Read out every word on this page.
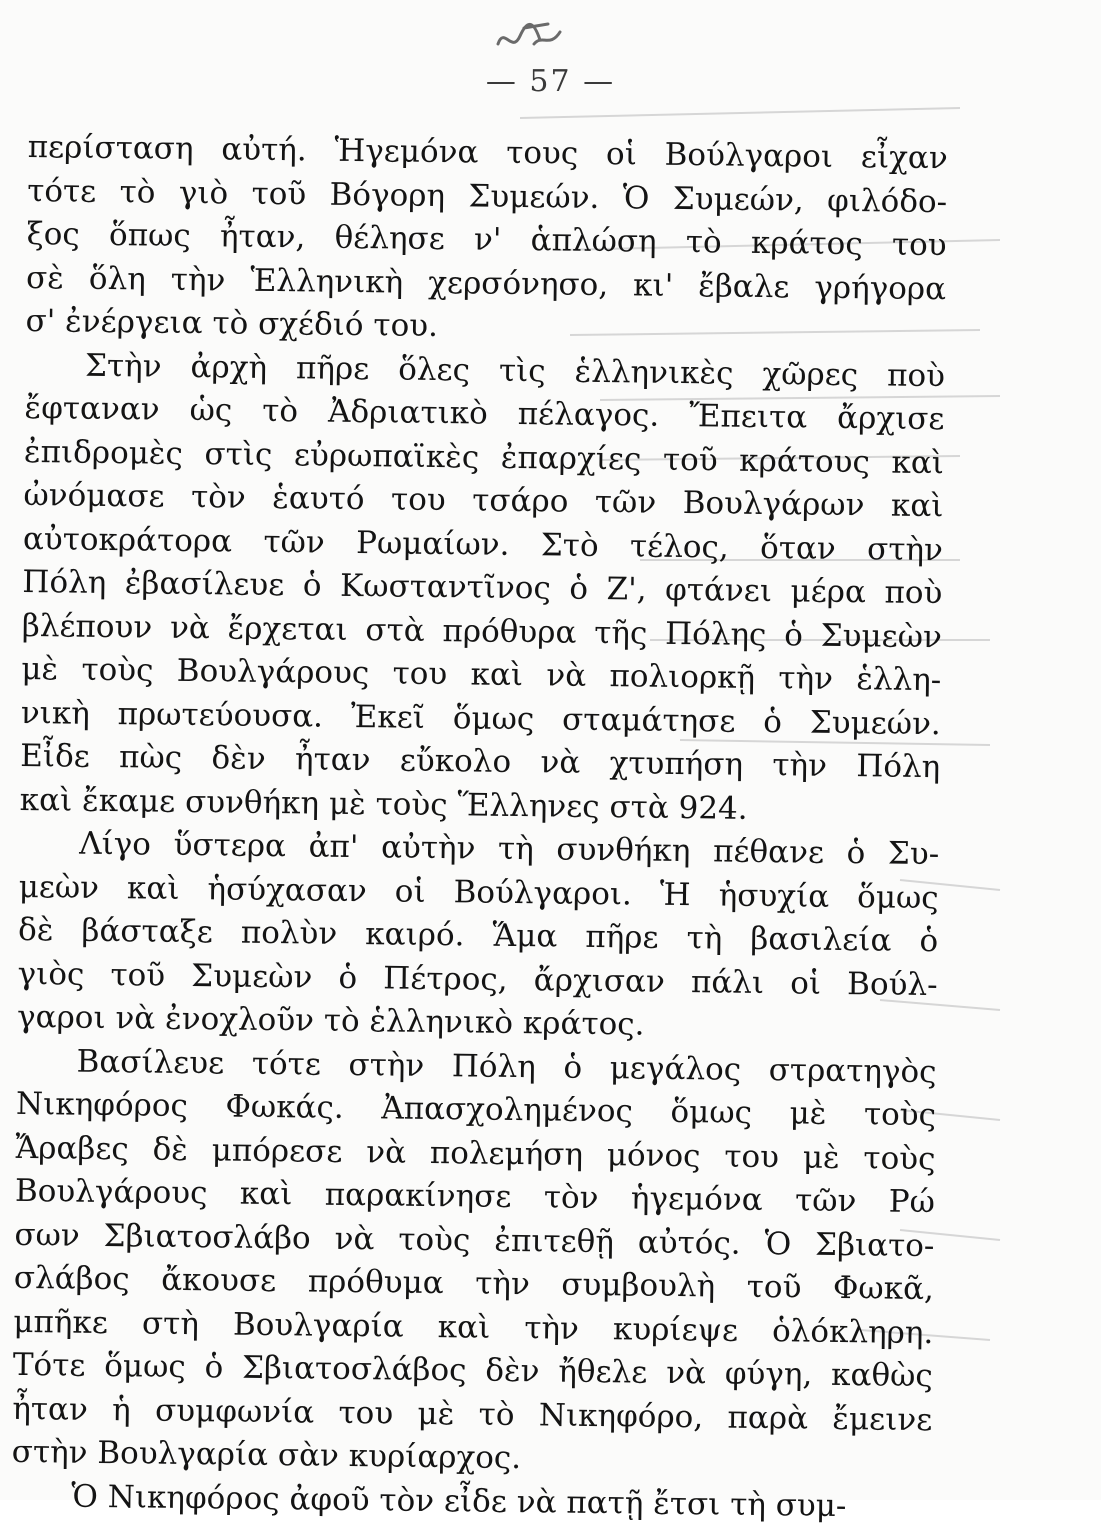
— 57 —
περίσταση αὐτή. Ἡγεμόνα τους οἱ Βούλγαροι εἶχαν
τότε τὸ γιὸ τοῦ Βόγορη Συμεών. Ὁ Συμεών, φιλόδο-
ξος ὅπως ἦταν, θέλησε ν' ἁπλώση τὸ κράτος του
σὲ ὅλη τὴν Ἑλληνικὴ χερσόνησο, κι' ἔβαλε γρήγορα
σ' ἐνέργεια τὸ σχέδιό του.
Στὴν ἀρχὴ πῆρε ὅλες τὶς ἑλληνικὲς χῶρες ποὺ
ἔφταναν ὡς τὸ Ἀδριατικὸ πέλαγος. Ἔπειτα ἄρχισε
ἐπιδρομὲς στὶς εὐρωπαϊκὲς ἐπαρχίες τοῦ κράτους καὶ
ὠνόμασε τὸν ἑαυτό του τσάρο τῶν Βουλγάρων καὶ
αὐτοκράτορα τῶν Ρωμαίων. Στὸ τέλος, ὅταν στὴν
Πόλη ἐβασίλευε ὁ Κωσταντῖνος ὁ Ζ', φτάνει μέρα ποὺ
βλέπουν νὰ ἔρχεται στὰ πρόθυρα τῆς Πόλης ὁ Συμεὼν
μὲ τοὺς Βουλγάρους του καὶ νὰ πολιορκῇ τὴν ἑλλη-
νικὴ πρωτεύουσα. Ἐκεῖ ὅμως σταμάτησε ὁ Συμεών.
Εἶδε πὼς δὲν ἦταν εὔκολο νὰ χτυπήση τὴν Πόλη
καὶ ἔκαμε συνθήκη μὲ τοὺς Ἕλληνες στὰ 924.
Λίγο ὕστερα ἀπ' αὐτὴν τὴ συνθήκη πέθανε ὁ Συ-
μεὼν καὶ ἡσύχασαν οἱ Βούλγαροι. Ἡ ἡσυχία ὅμως
δὲ βάσταξε πολὺν καιρό. Ἅμα πῆρε τὴ βασιλεία ὁ
γιὸς τοῦ Συμεὼν ὁ Πέτρος, ἄρχισαν πάλι οἱ Βούλ-
γαροι νὰ ἐνοχλοῦν τὸ ἑλληνικὸ κράτος.
Βασίλευε τότε στὴν Πόλη ὁ μεγάλος στρατηγὸς
Νικηφόρος Φωκάς. Ἀπασχολημένος ὅμως μὲ τοὺς
Ἄραβες δὲ μπόρεσε νὰ πολεμήση μόνος του μὲ τοὺς
Βουλγάρους καὶ παρακίνησε τὸν ἡγεμόνα τῶν Ρώ
σων Σβιατοσλάβο νὰ τοὺς ἐπιτεθῇ αὐτός. Ὁ Σβιατο-
σλάβος ἄκουσε πρόθυμα τὴν συμβουλὴ τοῦ Φωκᾶ,
μπῆκε στὴ Βουλγαρία καὶ τὴν κυρίεψε ὁλόκληρη.
Τότε ὅμως ὁ Σβιατοσλάβος δὲν ἤθελε νὰ φύγη, καθὼς
ἦταν ἡ συμφωνία του μὲ τὸ Νικηφόρο, παρὰ ἔμεινε
στὴν Βουλγαρία σὰν κυρίαρχος.
Ὁ Νικηφόρος ἀφοῦ τὸν εἶδε νὰ πατῇ ἔτσι τὴ συμ-
